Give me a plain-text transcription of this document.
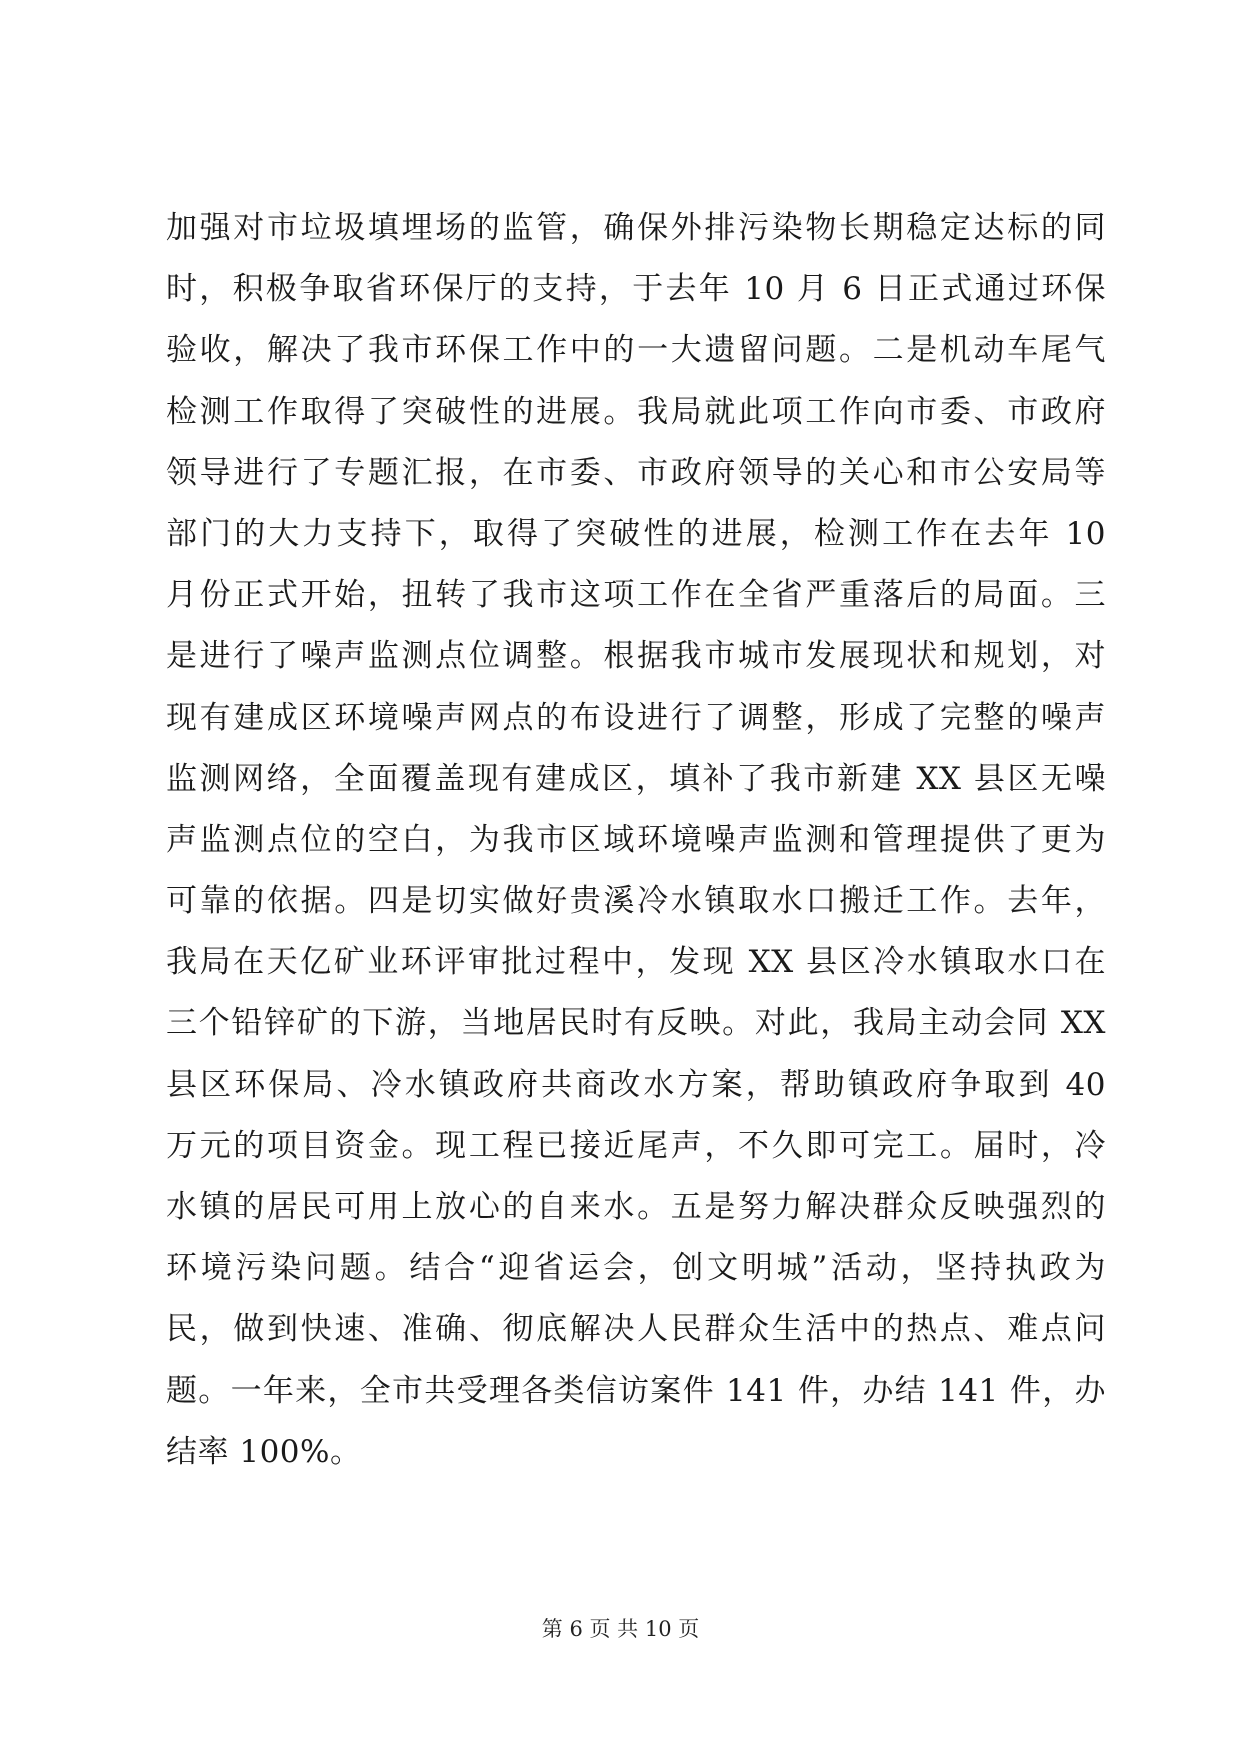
加强对市垃圾填埋场的监管，确保外排污染物长期稳定达标的同
时，积极争取省环保厅的支持，于去年 10 月 6 日正式通过环保
验收，解决了我市环保工作中的一大遗留问题。二是机动车尾气
检测工作取得了突破性的进展。我局就此项工作向市委、市政府
领导进行了专题汇报，在市委、市政府领导的关心和市公安局等
部门的大力支持下，取得了突破性的进展，检测工作在去年 10
月份正式开始，扭转了我市这项工作在全省严重落后的局面。三
是进行了噪声监测点位调整。根据我市城市发展现状和规划，对
现有建成区环境噪声网点的布设进行了调整，形成了完整的噪声
监测网络，全面覆盖现有建成区，填补了我市新建 XX 县区无噪
声监测点位的空白，为我市区域环境噪声监测和管理提供了更为
可靠的依据。四是切实做好贵溪冷水镇取水口搬迁工作。去年，
我局在天亿矿业环评审批过程中，发现 XX 县区冷水镇取水口在
三个铅锌矿的下游，当地居民时有反映。对此，我局主动会同 XX
县区环保局、冷水镇政府共商改水方案，帮助镇政府争取到 40
万元的项目资金。现工程已接近尾声，不久即可完工。届时，冷
水镇的居民可用上放心的自来水。五是努力解决群众反映强烈的
环境污染问题。结合“迎省运会，创文明城”活动，坚持执政为
民，做到快速、准确、彻底解决人民群众生活中的热点、难点问
题。一年来，全市共受理各类信访案件 141 件，办结 141 件，办
结率 100%。
第 6 页 共 10 页
